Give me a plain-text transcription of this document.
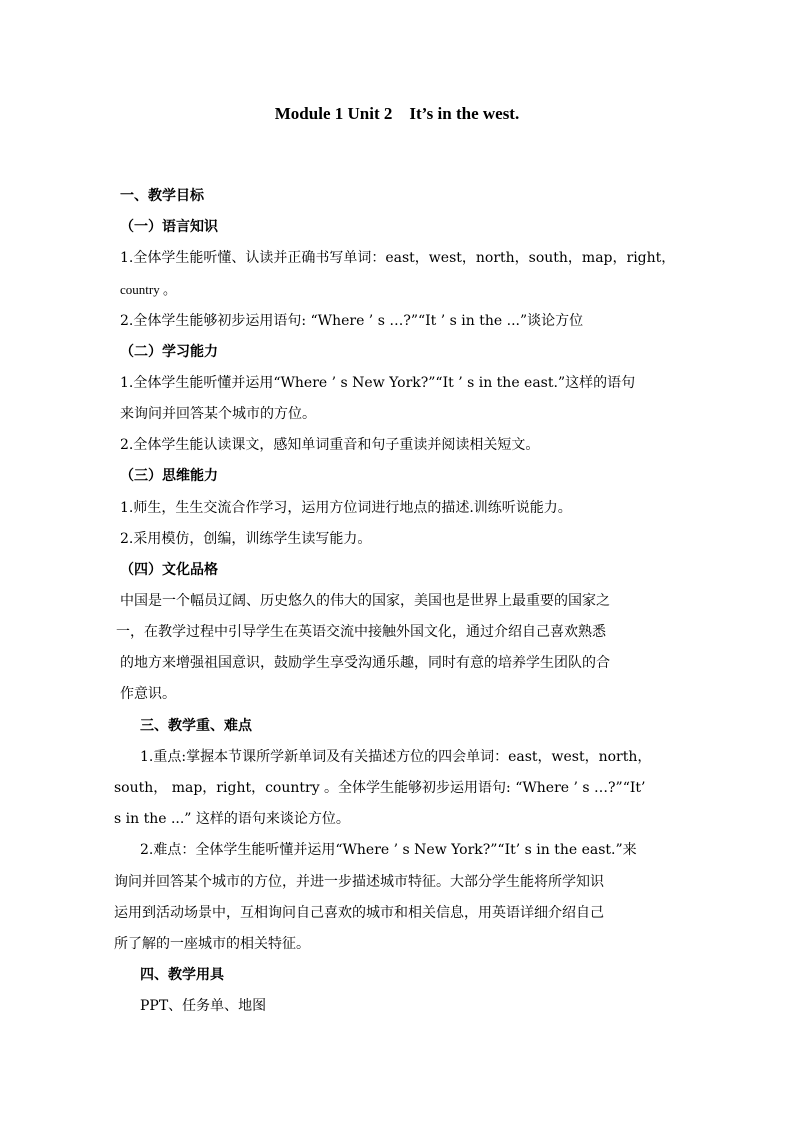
Module 1 Unit 2    It’s in the west.
一、教学目标
（一）语言知识
1.全体学生能听懂、认读并正确书写单词：east，west，north，south，map，right，
country 。
2.全体学生能够初步运用语句: “Where ’ s …?”“It ’ s in the ...”谈论方位
（二）学习能力
1.全体学生能听懂并运用“Where ’ s New York?”“It ’ s in the east.”这样的语句
来询问并回答某个城市的方位。
2.全体学生能认读课文，感知单词重音和句子重读并阅读相关短文。
（三）思维能力
1.师生，生生交流合作学习，运用方位词进行地点的描述.训练听说能力。
2.采用模仿，创编，训练学生读写能力。
（四）文化品格
中国是一个幅员辽阔、历史悠久的伟大的国家，美国也是世界上最重要的国家之
一，在教学过程中引导学生在英语交流中接触外国文化，通过介绍自己喜欢熟悉
的地方来增强祖国意识，鼓励学生享受沟通乐趣，同时有意的培养学生团队的合
作意识。
三、教学重、难点
1.重点:掌握本节课所学新单词及有关描述方位的四会单词：east，west，north，
south， map，right，country 。全体学生能够初步运用语句: “Where ’ s …?”“It’
s in the ...” 这样的语句来谈论方位。
2.难点：全体学生能听懂并运用“Where ’ s New York?”“It’ s in the east.”来
询问并回答某个城市的方位，并进一步描述城市特征。大部分学生能将所学知识
运用到活动场景中，互相询问自己喜欢的城市和相关信息，用英语详细介绍自己
所了解的一座城市的相关特征。
四、教学用具
PPT、任务单、地图
